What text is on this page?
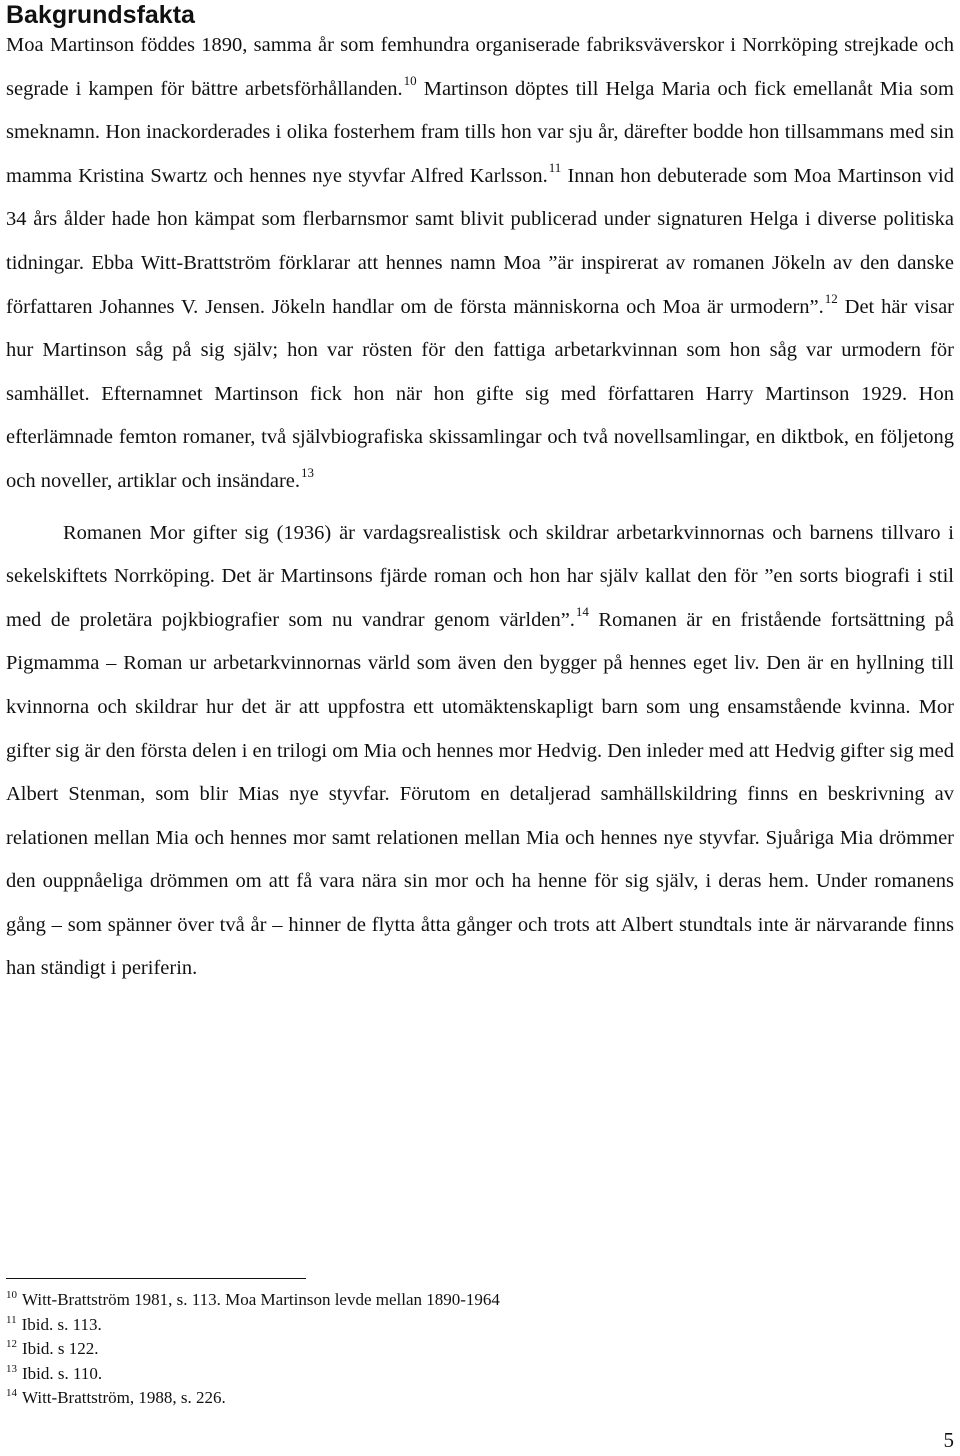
Bakgrundsfakta

Moa Martinson föddes 1890, samma år som femhundra organiserade fabriksväverskor i Norrköping strejkade och segrade i kampen för bättre arbetsförhållanden.$^{10}$ Martinson döptes till Helga Maria och fick emellanåt Mia som smeknamn. Hon inackorderades i olika fosterhem fram tills hon var sju år, därefter bodde hon tillsammans med sin mamma Kristina Swartz och hennes nye styvfar Alfred Karlsson.$^{11}$ Innan hon debuterade som Moa Martinson vid 34 års ålder hade hon kämpat som flerbarnsmor samt blivit publicerad under signaturen Helga i diverse politiska tidningar. Ebba Witt-Brattström förklarar att hennes namn Moa ”är inspirerat av romanen Jökeln av den danske författaren Johannes V. Jensen. Jökeln handlar om de första människorna och Moa är urmodern”.$^{12}$ Det här visar hur Martinson såg på sig själv; hon var rösten för den fattiga arbetarkvinnan som hon såg var urmodern för samhället. Efternamnet Martinson fick hon när hon gifte sig med författaren Harry Martinson 1929. Hon efterlämnade femton romaner, två självbiografiska skissamlingar och två novellsamlingar, en diktbok, en följetong och noveller, artiklar och insändare.$^{13}$

Romanen Mor gifter sig (1936) är vardagsrealistisk och skildrar arbetarkvinnornas och barnens tillvaro i sekelskiftets Norrköping. Det är Martinsons fjärde roman och hon har själv kallat den för ”en sorts biografi i stil med de proletära pojkbiografier som nu vandrar genom världen”.$^{14}$ Romanen är en fristående fortsättning på Pigmamma – Roman ur arbetarkvinnornas värld som även den bygger på hennes eget liv. Den är en hyllning till kvinnorna och skildrar hur det är att uppfostra ett utomäktenskapligt barn som ung ensamstående kvinna. Mor gifter sig är den första delen i en trilogi om Mia och hennes mor Hedvig. Den inleder med att Hedvig gifter sig med Albert Stenman, som blir Mias nye styvfar. Förutom en detaljerad samhällskildring finns en beskrivning av relationen mellan Mia och hennes mor samt relationen mellan Mia och hennes nye styvfar. Sjuåriga Mia drömmer den ouppnåeliga drömmen om att få vara nära sin mor och ha henne för sig själv, i deras hem. Under romanens gång – som spänner över två år – hinner de flytta åtta gånger och trots att Albert stundtals inte är närvarande finns han ständigt i periferin.

$^{10}$ Witt-Brattström 1981, s. 113. Moa Martinson levde mellan 1890-1964
$^{11}$ Ibid. s. 113.
$^{12}$ Ibid. s 122.
$^{13}$ Ibid. s. 110.
$^{14}$ Witt-Brattström, 1988, s. 226.
5
